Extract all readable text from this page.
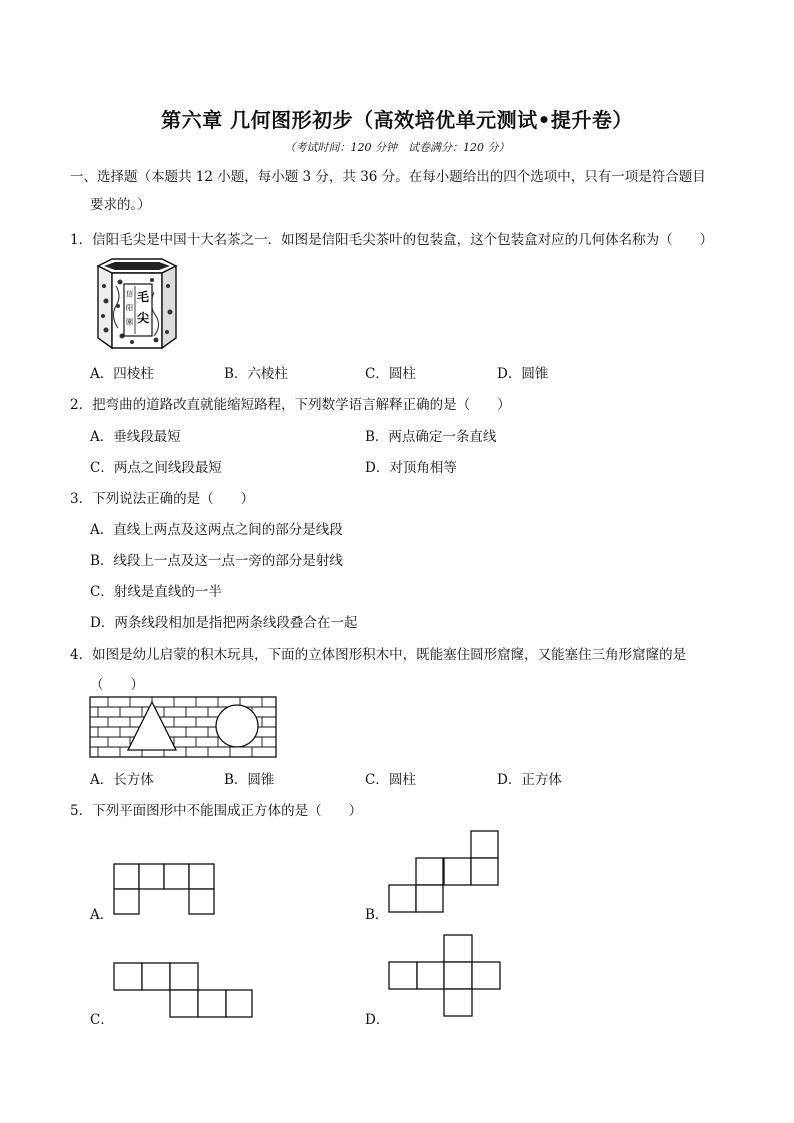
第六章 几何图形初步（高效培优单元测试•提升卷）
（考试时间：120 分钟　试卷满分：120 分）
一、选择题（本题共 12 小题，每小题 3 分，共 36 分。在每小题给出的四个选项中，只有一项是符合题目
要求的。）
1．信阳毛尖是中国十大名茶之一．如图是信阳毛尖茶叶的包装盒，这个包装盒对应的几何体名称为（　　）
毛
尖
信
阳
園
A．四棱柱	B．六棱柱	C．圆柱	D．圆锥
2．把弯曲的道路改直就能缩短路程，下列数学语言解释正确的是（　　）
A．垂线段最短	B．两点确定一条直线
C．两点之间线段最短	D．对顶角相等
3．下列说法正确的是（　　）
A．直线上两点及这两点之间的部分是线段
B．线段上一点及这一点一旁的部分是射线
C．射线是直线的一半
D．两条线段相加是指把两条线段叠合在一起
4．如图是幼儿启蒙的积木玩具，下面的立体图形积木中，既能塞住圆形窟窿，又能塞住三角形窟窿的是
（　　）
A．长方体	B．圆锥	C．圆柱	D．正方体
5．下列平面图形中不能围成正方体的是（　　）
A．	B．
C．	D．
